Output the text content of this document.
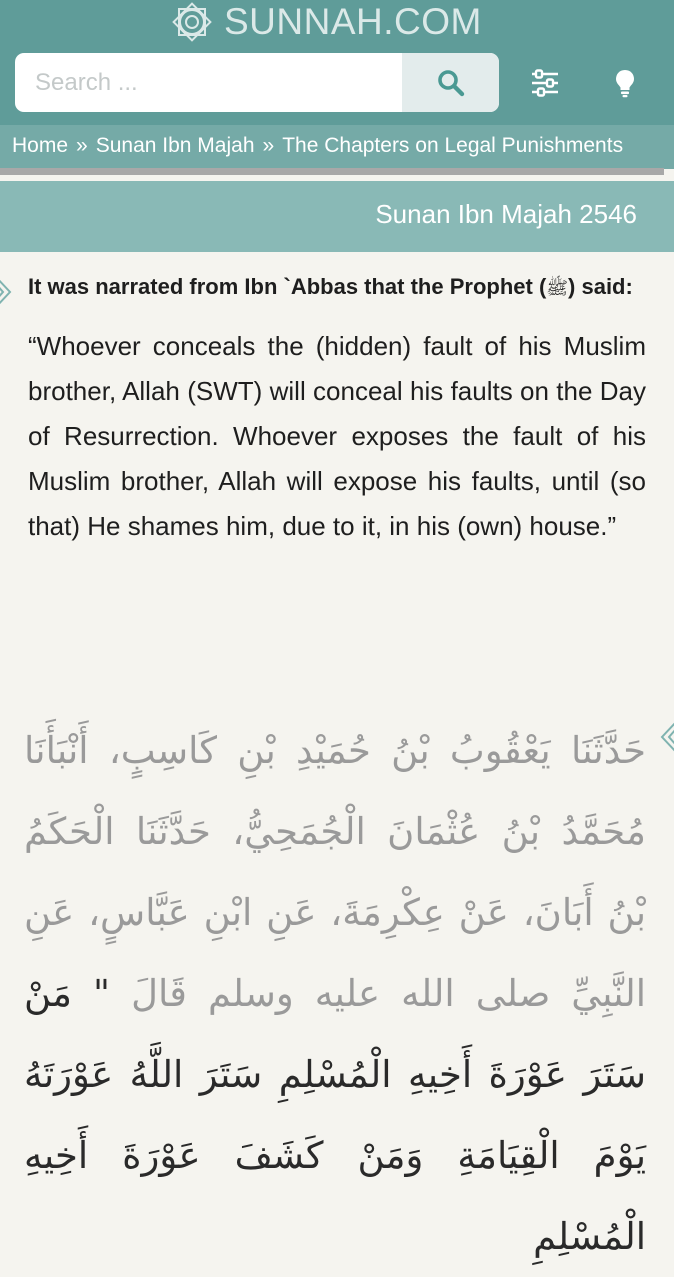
SUNNAH.COM
Search ...
Home » Sunan Ibn Majah » The Chapters on Legal Punishments
Sunan Ibn Majah 2546

It was narrated from Ibn `Abbas that the Prophet (ﷺ) said:

“Whoever conceals the (hidden) fault of his Muslim brother, Allah (SWT) will conceal his faults on the Day of Resurrection. Whoever exposes the fault of his Muslim brother, Allah will expose his faults, until (so that) He shames him, due to it, in his (own) house.”

حَدَّثَنَا يَعْقُوبُ بْنُ حُمَيْدِ بْنِ كَاسِبٍ، أَنْبَأَنَا مُحَمَّدُ بْنُ عُثْمَانَ الْجُمَحِيُّ، حَدَّثَنَا الْحَكَمُ بْنُ أَبَانَ، عَنْ عِكْرِمَةَ، عَنِ ابْنِ عَبَّاسٍ، عَنِ النَّبِيِّ صلى الله عليه وسلم قَالَ " مَنْ سَتَرَ عَوْرَةَ أَخِيهِ الْمُسْلِمِ سَتَرَ اللَّهُ عَوْرَتَهُ يَوْمَ الْقِيَامَةِ وَمَنْ كَشَفَ عَوْرَةَ أَخِيهِ الْمُسْلِمِ
